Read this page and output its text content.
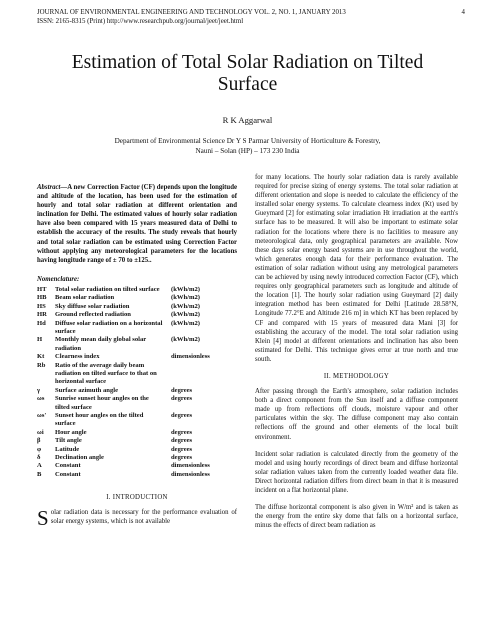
JOURNAL OF ENVIRONMENTAL ENGINEERING AND TECHNOLOGY VOL. 2, NO. 1, JANUARY 2013
ISSN: 2165-8315 (Print) http://www.researchpub.org/journal/jeet/jeet.html
4
Estimation of Total Solar Radiation on Tilted Surface
R K Aggarwal
Department of Environmental Science Dr Y S Parmar University of Horticulture & Forestry,
Nauni – Solan (HP) – 173 230 India

Abstract—A new Correction Factor (CF) depends upon the longitude and altitude of the location, has been used for the estimation of hourly and total solar radiation at different orientation and inclination for Delhi. The estimated values of hourly solar radiation have also been compared with 15 years measured data of Delhi to establish the accuracy of the results. The study reveals that hourly and total solar radiation can be estimated using Correction Factor without applying any meteorological parameters for the locations having longitude range of ± 70 to ±125..

Nomenclature:
HT	Total solar radiation on tilted surface	(kWh/m2)
HB	Beam solar radiation	(kWh/m2)
HS	Sky diffuse solar radiation	(kWh/m2)
HR	Ground reflected radiation	(kWh/m2)
Hd	Diffuse solar radiation on a horizontal surface	(kWh/m2)
H	Monthly mean daily global solar radiation	(kWh/m2)
Kt	Clearness index	dimensionless
Rb	Ratio of the average daily beam radiation on tilted surface to that on horizontal surface	
γ	Surface azimuth angle	degrees
ωs	Sunrise sunset hour angles on the tilted surface	degrees
ωs'	Sunset hour angles on the tilted surface	degrees
ωi	Hour angle	degrees
β	Tilt angle	degrees
φ	Latitude	degrees
δ	Declination angle	degrees
A	Constant	dimensionless
B	Constant	dimensionless
I. INTRODUCTION
Solar radiation data is necessary for the performance evaluation of solar energy systems, which is not available

for many locations. The hourly solar radiation data is rarely available required for precise sizing of energy systems. The total solar radiation at different orientation and slope is needed to calculate the efficiency of the installed solar energy systems. To calculate clearness index (Kt) used by Gueymard [2] for estimating solar irradiation Ht irradiation at the earth's surface has to be measured. It will also be important to estimate solar radiation for the locations where there is no facilities to measure any meteorological data, only geographical parameters are available. Now these days solar energy based systems are in use throughout the world, which generates enough data for their performance evaluation. The estimation of solar radiation without using any metrological parameters can be achieved by using newly introduced correction Factor (CF), which requires only geographical parameters such as longitude and altitude of the location [1]. The hourly solar radiation using Gueymard [2] daily integration method has been estimated for Delhi [Latitude 28.58°N, Longitude 77.2°E and Altitude 216 m] in which KT has been replaced by CF and compared with 15 years of measured data Mani [3] for establishing the accuracy of the model. The total solar radiation using Klein [4] model at different orientations and inclination has also been estimated for Delhi. This technique gives error at true north and true south.

II. METHODOLOGY

After passing through the Earth's atmosphere, solar radiation includes both a direct component from the Sun itself and a diffuse component made up from reflections off clouds, moisture vapour and other particulates within the sky. The diffuse component may also contain reflections off the ground and other elements of the local built environment.

Incident solar radiation is calculated directly from the geometry of the model and using hourly recordings of direct beam and diffuse horizontal solar radiation values taken from the currently loaded weather data file. Direct horizontal radiation differs from direct beam in that it is measured incident on a flat horizontal plane.

The diffuse horizontal component is also given in W/m² and is taken as the energy from the entire sky dome that falls on a horizontal surface, minus the effects of direct beam radiation as
